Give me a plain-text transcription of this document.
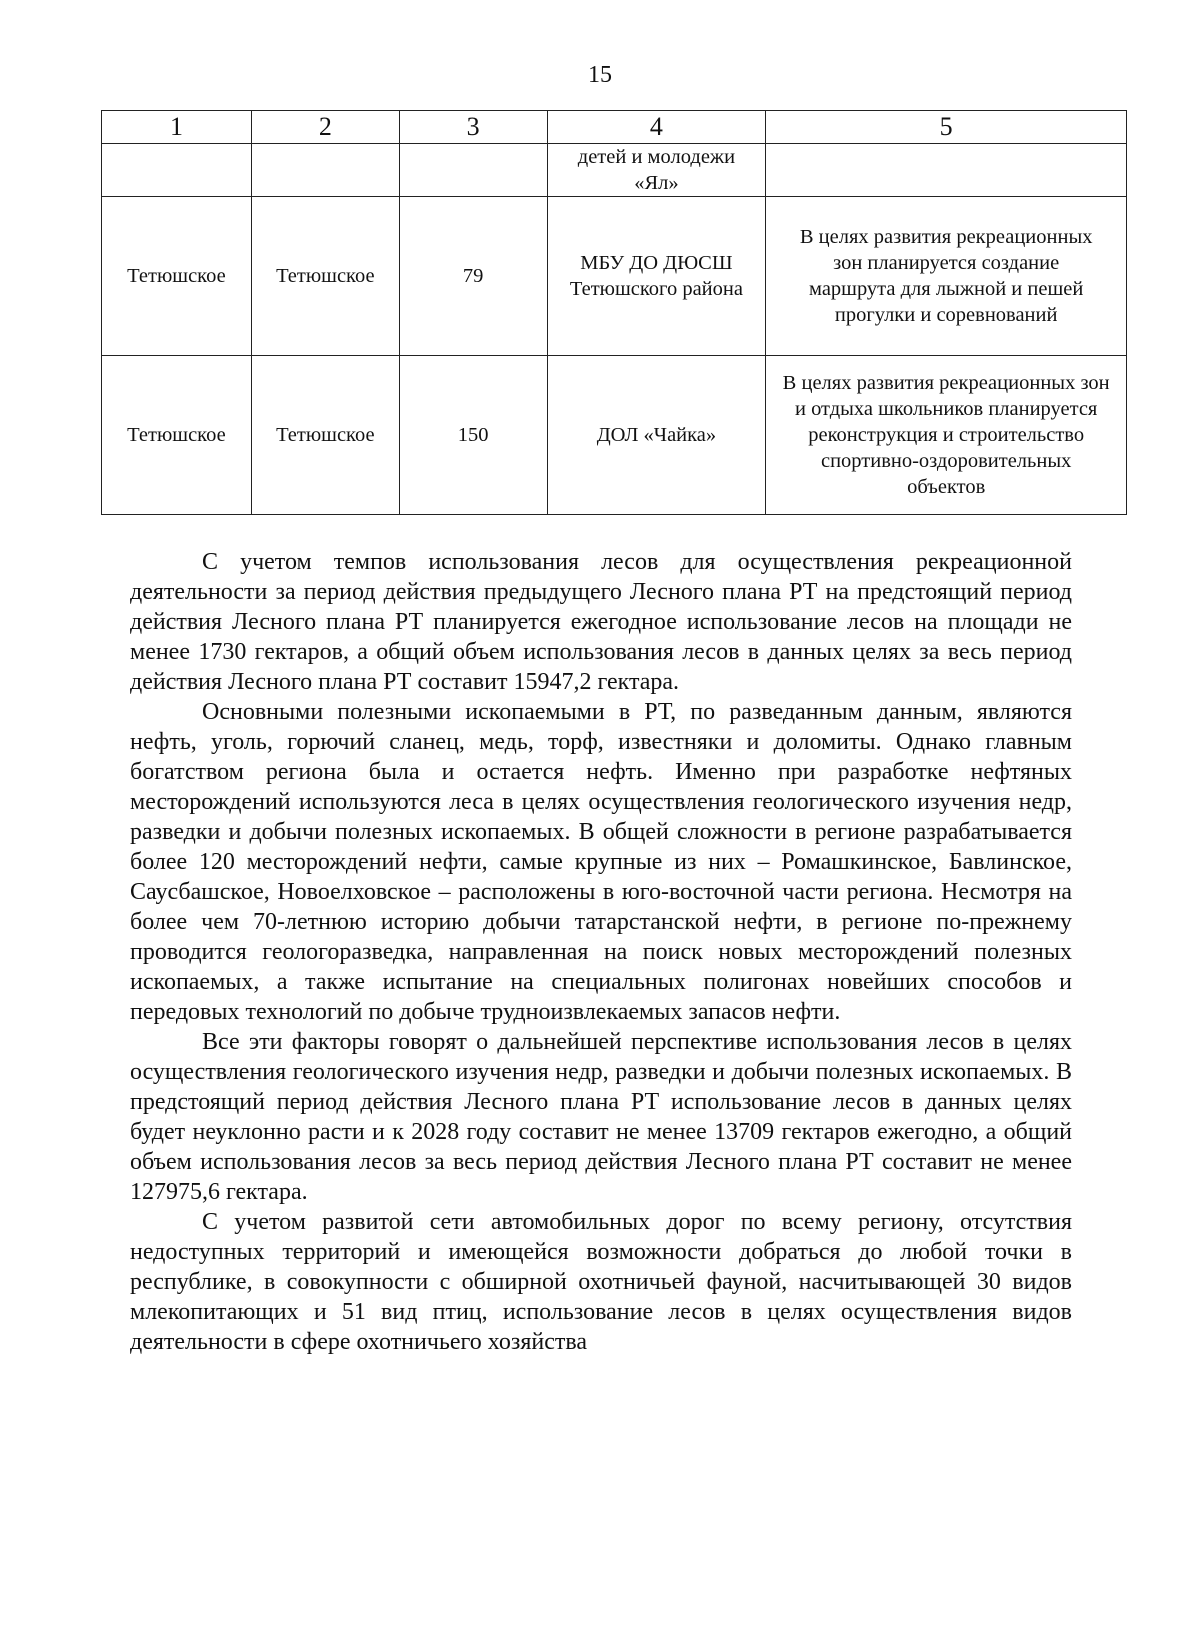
15
1	2	3	4	5
			детей и молодежи «Ял»	
Тетюшское	Тетюшское	79	МБУ ДО ДЮСШ Тетюшского района	В целях развития рекреационных зон планируется создание маршрута для лыжной и пешей прогулки и соревнований
Тетюшское	Тетюшское	150	ДОЛ «Чайка»	В целях развития рекреационных зон и отдыха школьников планируется реконструкция и строительство спортивно-оздоровительных объектов

С учетом темпов использования лесов для осуществления рекреационной деятельности за период действия предыдущего Лесного плана РТ на предстоящий период действия Лесного плана РТ планируется ежегодное использование лесов на площади не менее 1730 гектаров, а общий объем использования лесов в данных целях за весь период действия Лесного плана РТ составит 15947,2 гектара.

Основными полезными ископаемыми в РТ, по разведанным данным, являются нефть, уголь, горючий сланец, медь, торф, известняки и доломиты. Однако главным богатством региона была и остается нефть. Именно при разработке нефтяных месторождений используются леса в целях осуществления геологического изучения недр, разведки и добычи полезных ископаемых. В общей сложности в регионе разрабатывается более 120 месторождений нефти, самые крупные из них – Ромашкинское, Бавлинское, Саусбашское, Новоелховское – расположены в юго-восточной части региона. Несмотря на более чем 70-летнюю историю добычи татарстанской нефти, в регионе по-прежнему проводится геологоразведка, направленная на поиск новых месторождений полезных ископаемых, а также испытание на специальных полигонах новейших способов и передовых технологий по добыче трудноизвлекаемых запасов нефти.

Все эти факторы говорят о дальнейшей перспективе использования лесов в целях осуществления геологического изучения недр, разведки и добычи полезных ископаемых. В предстоящий период действия Лесного плана РТ использование лесов в данных целях будет неуклонно расти и к 2028 году составит не менее 13709 гектаров ежегодно, а общий объем использования лесов за весь период действия Лесного плана РТ составит не менее 127975,6 гектара.

С учетом развитой сети автомобильных дорог по всему региону, отсутствия недоступных территорий и имеющейся возможности добраться до любой точки в республике, в совокупности с обширной охотничьей фауной, насчитывающей 30 видов млекопитающих и 51 вид птиц, использование лесов в целях осуществления видов деятельности в сфере охотничьего хозяйства
